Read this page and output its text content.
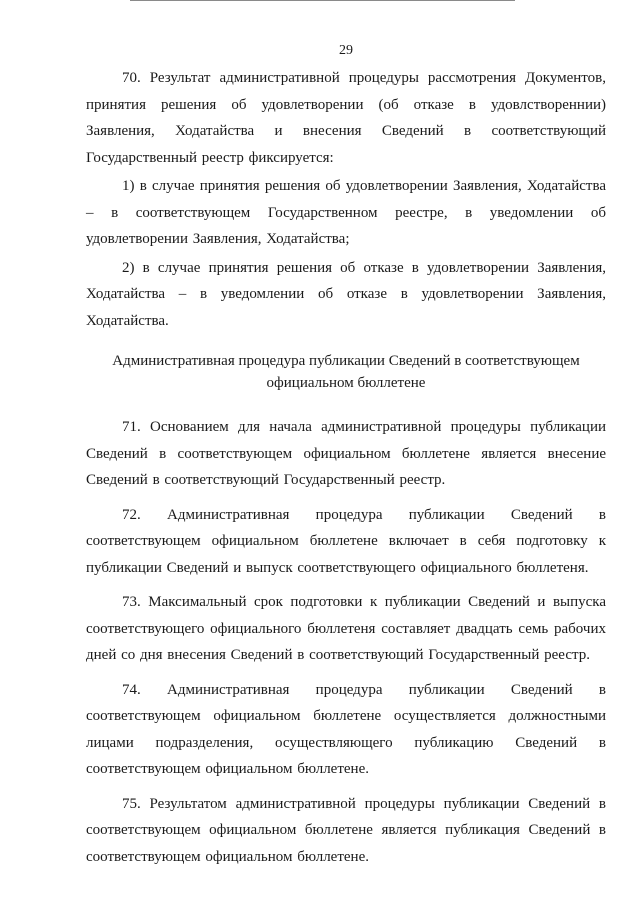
29

70. Результат административной процедуры рассмотрения Документов, принятия решения об удовлетворении (об отказе в удовлствореннии) Заявления, Ходатайства и внесения Сведений в соответствующий Государственный реестр фиксируется:

1) в случае принятия решения об удовлетворении Заявления, Ходатайства – в соответствующем Государственном реестре, в уведомлении об удовлетворении Заявления, Ходатайства;

2) в случае принятия решения об отказе в удовлетворении Заявления, Ходатайства – в уведомлении об отказе в удовлетворении Заявления, Ходатайства.

Административная процедура публикации Сведений в соответствующем
официальном бюллетене

71. Основанием для начала административной процедуры публикации Сведений в соответствующем официальном бюллетене является внесение Сведений в соответствующий Государственный реестр.

72. Административная процедура публикации Сведений в соответствующем официальном бюллетене включает в себя подготовку к публикации Сведений и выпуск соответствующего официального бюллетеня.

73. Максимальный срок подготовки к публикации Сведений и выпуска соответствующего официального бюллетеня составляет двадцать семь рабочих дней со дня внесения Сведений в соответствующий Государственный реестр.

74. Административная процедура публикации Сведений в соответствующем официальном бюллетене осуществляется должностными лицами подразделения, осуществляющего публикацию Сведений в соответствующем официальном бюллетене.

75. Результатом административной процедуры публикации Сведений в соответствующем официальном бюллетене является публикация Сведений в соответствующем официальном бюллетене.
